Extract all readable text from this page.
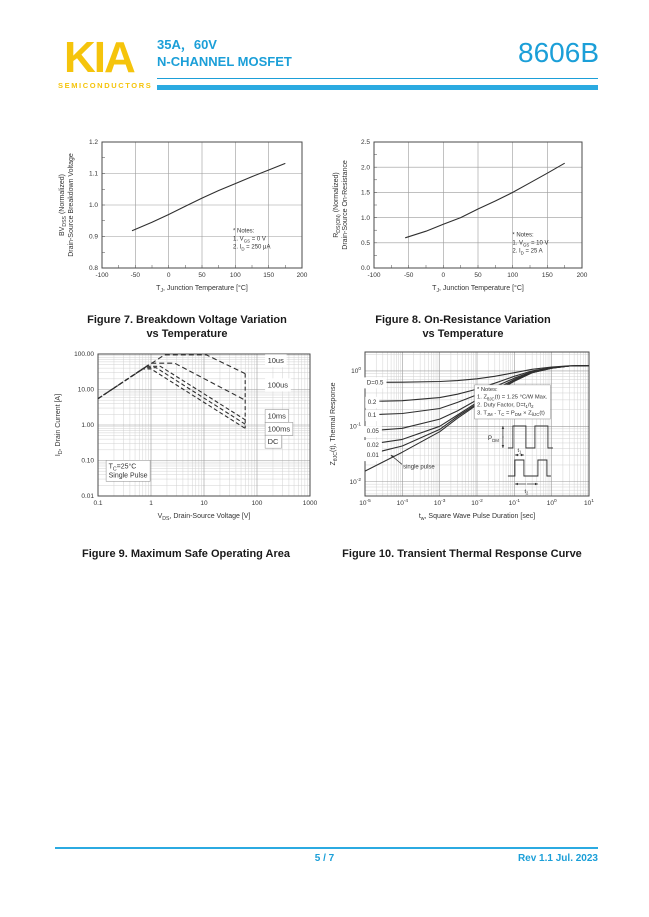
KIA
SEMICONDUCTORS
35A，60V
N-CHANNEL MOSFET	8606B
-100	-50	0	50	100	150	200
0.8
0.9
1.0
1.1
1.2
$T_J$, Junction Temperature [°C]
$BV_{DSS}$ (Normalized) Drain-Source Breakdown Voltage	* Notes:
1. $V_{GS} = 0$ V
2. $I_D = 250$ μA
Figure 7. Breakdown Voltage Variation
vs Temperature
-100	-50	0	50	100	150	200
0.0
0.5
1.0
1.5
2.0
2.5
$T_J$, Junction Temperature [°C]
$R_{DS(ON)}$ (Normalized) Drain-Source On-Resistance	* Notes:
1. $V_{GS} = 10$ V
2. $I_D = 25$ A
Figure 8. On-Resistance Variation
vs Temperature
0.1	1	10	100	1000
100.00
10.00
1.00
0.10
0.01
$V_{DS}$, Drain-Source Voltage [V]
$I_D$, Drain Current [A]
10us
100us
10ms
100ms
DC
$T_C=25^\circ C$
Single Pulse
Figure 9. Maximum Safe Operating Area
$10^{-5}$	$10^{-4}$	$10^{-3}$	$10^{-2}$	$10^{-1}$	$10^0$	$10^1$
$10^0$
$10^{-1}$
$10^{-2}$
$t_w$, Square Wave Pulse Duration [sec]
$Z_{\theta JC}(t)$, Thermal Response	D=0.5
0.2
0.1
0.05
0.02
0.01
single pulse
* Notes:
1. $Z_{\theta JC}(t) = 1.25$ °C/W Max.
2. Duty Factor, $D=t_1/t_2$
3. $T_{JM} - T_C = P_{DM} \times Z_{\theta JC}(t)$
$P_{DM}$
$t_1$
$t_2$
Figure 10. Transient Thermal Response Curve
5 / 7	Rev 1.1 Jul. 2023
